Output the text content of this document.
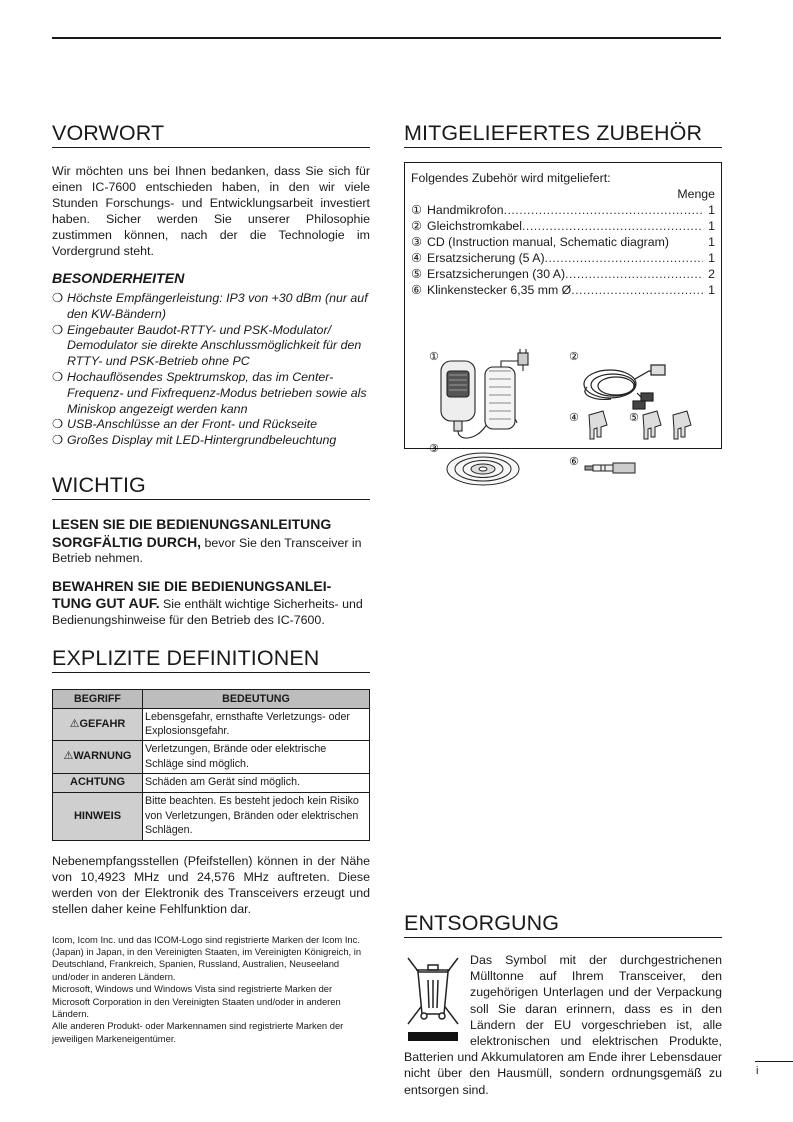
VORWORT

Wir möchten uns bei Ihnen bedanken, dass Sie sich für einen IC-7600 entschieden haben, in den wir viele Stunden Forschungs- und Entwicklungsarbeit investiert haben. Sicher werden Sie unserer Philosophie zustimmen können, nach der die Technologie im Vordergrund steht.

BESONDERHEITEN
❍ Höchste Empfängerleistung: IP3 von +30 dBm (nur auf den KW-Bändern)
❍ Eingebauter Baudot-RTTY- und PSK-Modulator/ Demodulator sie direkte Anschlussmöglichkeit für den RTTY- und PSK-Betrieb ohne PC
❍ Hochauflösendes Spektrumskop, das im Center-Frequenz- und Fixfrequenz-Modus betrieben sowie als Miniskop angezeigt werden kann
❍ USB-Anschlüsse an der Front- und Rückseite
❍ Großes Display mit LED-Hintergrundbeleuchtung
WICHTIG

LESEN SIE DIE BEDIENUNGSANLEITUNG SORGFÄLTIG DURCH, bevor Sie den Transceiver in Betrieb nehmen.

BEWAHREN SIE DIE BEDIENUNGSANLEI-TUNG GUT AUF. Sie enthält wichtige Sicherheits- und Bedienungshinweise für den Betrieb des IC-7600.

EXPLIZITE DEFINITIONEN
BEGRIFF	BEDEUTUNG
⚠GEFAHR	Lebensgefahr, ernsthafte Verletzungs- oder Explosionsgefahr.
⚠WARNUNG	Verletzungen, Brände oder elektrische Schläge sind möglich.
ACHTUNG	Schäden am Gerät sind möglich.
HINWEIS	Bitte beachten. Es besteht jedoch kein Risiko von Verletzungen, Bränden oder elektrischen Schlägen.

Nebenempfangsstellen (Pfeifstellen) können in der Nähe von 10,4923 MHz und 24,576 MHz auftreten. Diese werden von der Elektronik des Transceivers erzeugt und stellen daher keine Fehlfunktion dar.

Icom, Icom Inc. und das ICOM-Logo sind registrierte Marken der Icom Inc. (Japan) in Japan, in den Vereinigten Staaten, im Vereinigten Königreich, in Deutschland, Frankreich, Spanien, Russland, Australien, Neuseeland und/oder in anderen Ländern.

Microsoft, Windows und Windows Vista sind registrierte Marken der Microsoft Corporation in den Vereinigten Staaten und/oder in anderen Ländern.

Alle anderen Produkt- oder Markennamen sind registrierte Marken der jeweiligen Markeneigentümer.

MITGELIEFERTES ZUBEHÖR

Folgendes Zubehör wird mitgeliefert:

Menge

① Handmikrofon .....	1
② Gleichstromkabel .....	1
③ CD (Instruction manual, Schematic diagram)	1
④ Ersatzsicherung (5 A) .....	1
⑤ Ersatzsicherungen (30 A) .....	2
⑥ Klinkenstecker 6,35 mm Ø .....	1
①	②
③
④	⑤
⑥
ENTSORGUNG
Das Symbol mit der durchgestrichenen Mülltonne auf Ihrem Transceiver, den zugehörigen Unterlagen und der Verpackung soll Sie daran erinnern, dass es in den Ländern der EU vorgeschrieben ist, alle elektronischen und elektrischen Produkte, Batterien und Akkumulatoren am Ende ihrer Lebensdauer nicht über den Hausmüll, sondern ordnungsgemäß zu entsorgen sind.
i
